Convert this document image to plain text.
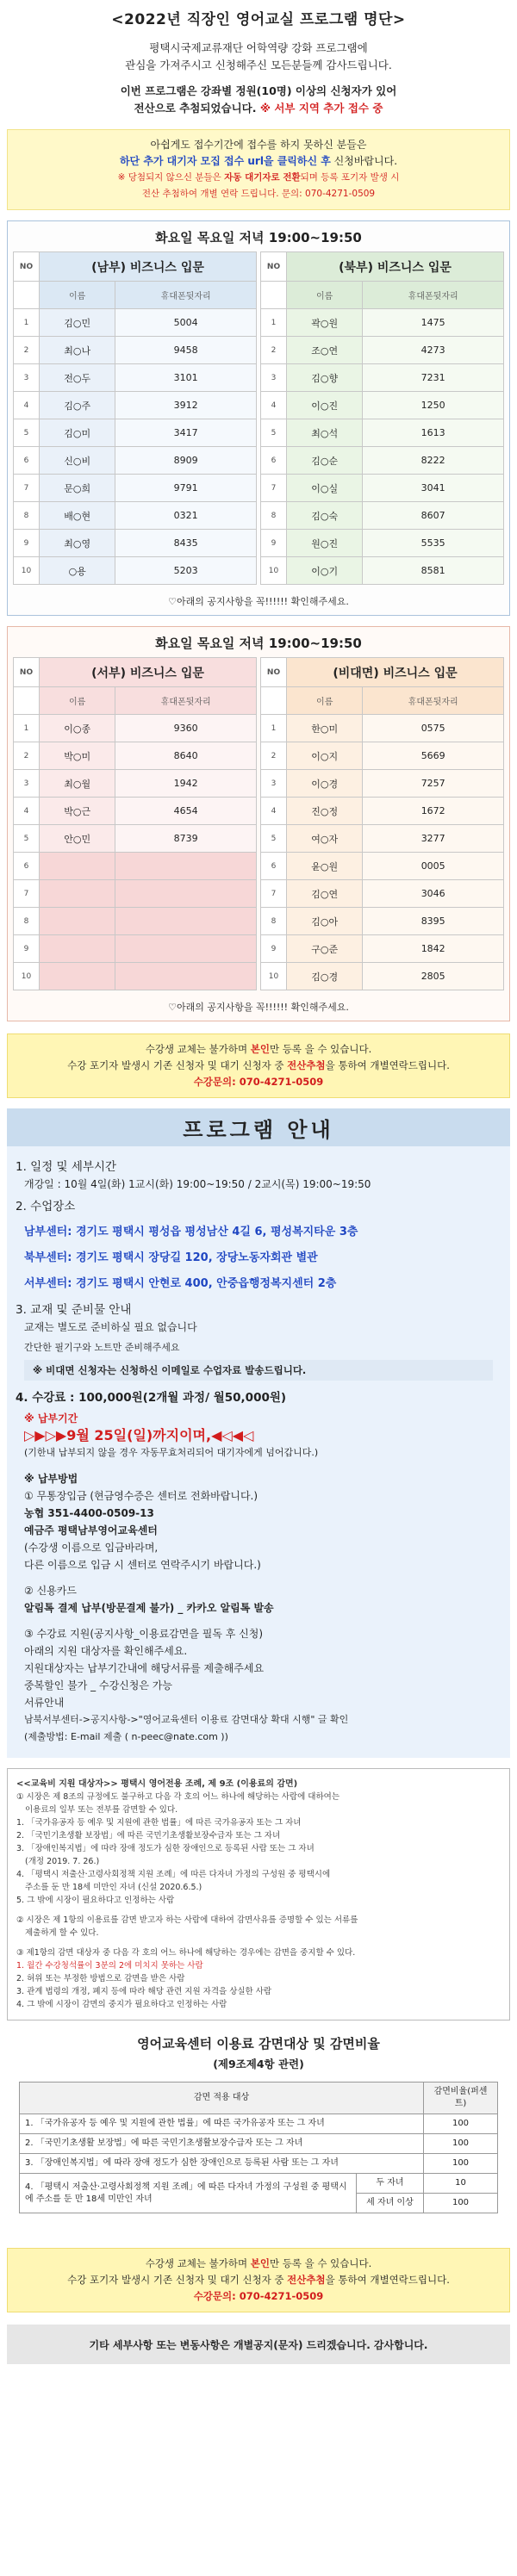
<2022년 직장인 영어교실 프로그램 명단>
평택시국제교류재단 어학역량 강화 프로그램에
관심을 가져주시고 신청해주신 모든분들께 감사드립니다.
이번 프로그램은 강좌별 정원(10명) 이상의 신청자가 있어
전산으로 추첨되었습니다. ※ 서부 지역 추가 접수 중
아쉽게도 접수기간에 접수를 하지 못하신 분들은
하단 추가 대기자 모집 접수 url을 클릭하신 후 신청바랍니다.
※ 당첨되지 않으신 분들은 자동 대기자로 전환되며 등록 포기자 발생 시
전산 추첨하여 개별 연락 드립니다. 문의: 070-4271-0509
화요일 목요일 저녁 19:00~19:50
NO	(남부) 비즈니스 입문	
	이름	휴대폰뒷자리
1	김○민	5004
2	최○나	9458
3	전○두	3101
4	김○주	3912
5	김○미	3417
6	신○비	8909
7	문○희	9791
8	배○현	0321
9	최○영	8435
10	○용	5203
NO	(북부) 비즈니스 입문	
	이름	휴대폰뒷자리
1	곽○원	1475
2	조○연	4273
3	김○향	7231
4	이○진	1250
5	최○석	1613
6	김○순	8222
7	이○실	3041
8	김○숙	8607
9	원○진	5535
10	이○기	8581
♡아래의 공지사항을 꼭!!!!!! 확인해주세요.
화요일 목요일 저녁 19:00~19:50
NO	(서부) 비즈니스 입문	
	이름	휴대폰뒷자리
1	이○종	9360
2	박○미	8640
3	최○월	1942
4	박○근	4654
5	안○민	8739
6		
7		
8		
9		
10		
NO	(비대면) 비즈니스 입문	
	이름	휴대폰뒷자리
1	한○미	0575
2	이○지	5669
3	이○경	7257
4	진○정	1672
5	여○자	3277
6	윤○원	0005
7	김○연	3046
8	김○아	8395
9	구○준	1842
10	김○경	2805
♡아래의 공지사항을 꼭!!!!!! 확인해주세요.
수강생 교체는 불가하며 본인만 등록 을 수 있습니다.
수강 포기자 발생시 기존 신청자 및 대기 신청자 중 전산추첨을 통하여 개별연락드립니다.
수강문의: 070-4271-0509
프로그램 안내
1. 일정 및 세부시간
개강일 : 10월 4일(화) 1교시(화) 19:00~19:50 / 2교시(목) 19:00~19:50
2. 수업장소
남부센터: 경기도 평택시 평성읍 평성남산 4길 6, 평성복지타운 3층
북부센터: 경기도 평택시 장당길 120, 장당노동자회관 별관
서부센터: 경기도 평택시 안현로 400, 안중읍행정복지센터 2층
3. 교재 및 준비물 안내
교재는 별도로 준비하실 필요 없습니다
간단한 필기구와 노트만 준비해주세요
※ 비대면 신청자는 신청하신 이메일로 수업자료 발송드립니다.
4. 수강료 : 100,000원(2개월 과정/ 월50,000원)
※ 납부기간
▷▶▷▶9월 25일(일)까지이며,◀◁◀◁
(기한내 납부되지 않을 경우 자동무효처리되어 대기자에게 넘어갑니다.)
※ 납부방법
① 무통장입금 (현금영수증은 센터로 전화바랍니다.)
농협 351-4400-0509-13
예금주 평택남부영어교육센터
(수강생 이름으로 입금바라며,
다른 이름으로 입금 시 센터로 연락주시기 바랍니다.)
② 신용카드
알림톡 결제 납부(방문결제 불가) _ 카카오 알림톡 발송
③ 수강료 지원(공지사항_이용료감면을 필독 후 신청)
아래의 지원 대상자를 확인해주세요.
지원대상자는 납부기간내에 해당서류를 제출해주세요
중복할인 불가 _ 수강신청은 가능
서류안내
남북서부센터->공지사항->"영어교육센터 이용료 감면대상 확대 시행" 글 확인
(제출방법: E-mail 제출 ( n-peec@nate.com ))
<<교육비 지원 대상자>> 평택시 영어전용 조례, 제 9조 (이용료의 감면)
① 시장은 제 8조의 규정에도 불구하고 다음 각 호의 어느 하나에 해당하는 사람에 대하여는
이용료의 일부 또는 전부를 감면할 수 있다.
1. 「국가유공자 등 예우 및 지원에 관한 법률」에 따른 국가유공자 또는 그 자녀
2. 「국민기초생활 보장법」에 따른 국민기초생활보장수급자 또는 그 자녀
3. 「장애인복지법」에 따라 장애 정도가 심한 장애인으로 등록된 사람 또는 그 자녀
(개정 2019. 7. 26.)
4. 「평택시 저출산·고령사회정책 지원 조례」에 따른 다자녀 가정의 구성원 중 평택시에
주소를 둔 만 18세 미만인 자녀 (신설 2020.6.5.)
5. 그 밖에 시장이 필요하다고 인정하는 사람
② 시장은 제 1항의 이용료를 감면 받고자 하는 사람에 대하여 감면사유를 증명할 수 있는 서류를
제출하게 할 수 있다.
③ 제1항의 감면 대상자 중 다음 각 호의 어느 하나에 해당하는 경우에는 감면을 중지할 수 있다.
1. 월간 수강청석률이 3분의 2에 미치지 못하는 사람
2. 허위 또는 부정한 방법으로 감면을 받은 사람
3. 관계 법령의 개정, 폐지 등에 따라 해당 관련 지원 자격을 상실한 사람
4. 그 밖에 시장이 감면의 중지가 필요하다고 인정하는 사람
영어교육센터 이용료 감면대상 및 감면비율
(제9조제4항 관련)
감면 적용 대상		감면비율(퍼센트)
1. 「국가유공자 등 예우 및 지원에 관한 법률」에 따른 국가유공자 또는 그 자녀		100
2. 「국민기초생활 보장법」에 따른 국민기초생활보장수급자 또는 그 자녀		100
3. 「장애인복지법」에 따라 장애 정도가 심한 장애인으로 등록된 사람 또는 그 자녀		100
4. 「평택시 저출산·고령사회정책 지원 조례」에 따른 다자녀 가정의 구성원 중 평택시에 주소를 둔 만 18세 미만인 자녀	두 자녀	10
	세 자녀 이상	100
수강생 교체는 불가하며 본인만 등록 을 수 있습니다.
수강 포기자 발생시 기존 신청자 및 대기 신청자 중 전산추첨을 통하여 개별연락드립니다.
수강문의: 070-4271-0509
기타 세부사항 또는 변동사항은 개별공지(문자) 드리겠습니다. 감사합니다.
